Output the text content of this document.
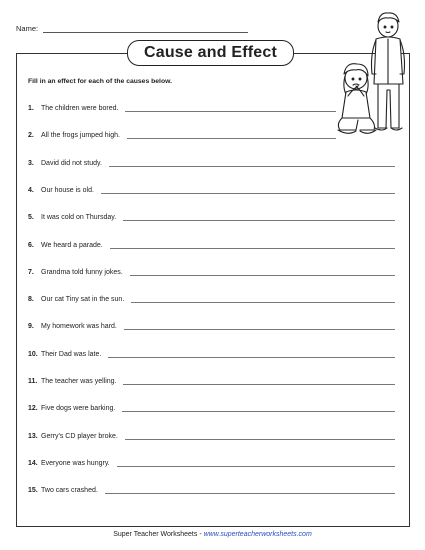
Name:
Cause and Effect
Fill in an effect for each of the causes below.
1.	The children were bored.
2.	All the frogs jumped high.
3.	David did not study.
4.	Our house is old.
5.	It was cold on Thursday.
6.	We heard a parade.
7.	Grandma told funny jokes.
8.	Our cat Tiny sat in the sun.
9.	My homework was hard.
10. Their Dad was late.
11. The teacher was yelling.
12. Five dogs were barking.
13. Gerry's CD player broke.
14. Everyone was hungry.
15. Two cars crashed.
Super Teacher Worksheets - www.superteacherworksheets.com
